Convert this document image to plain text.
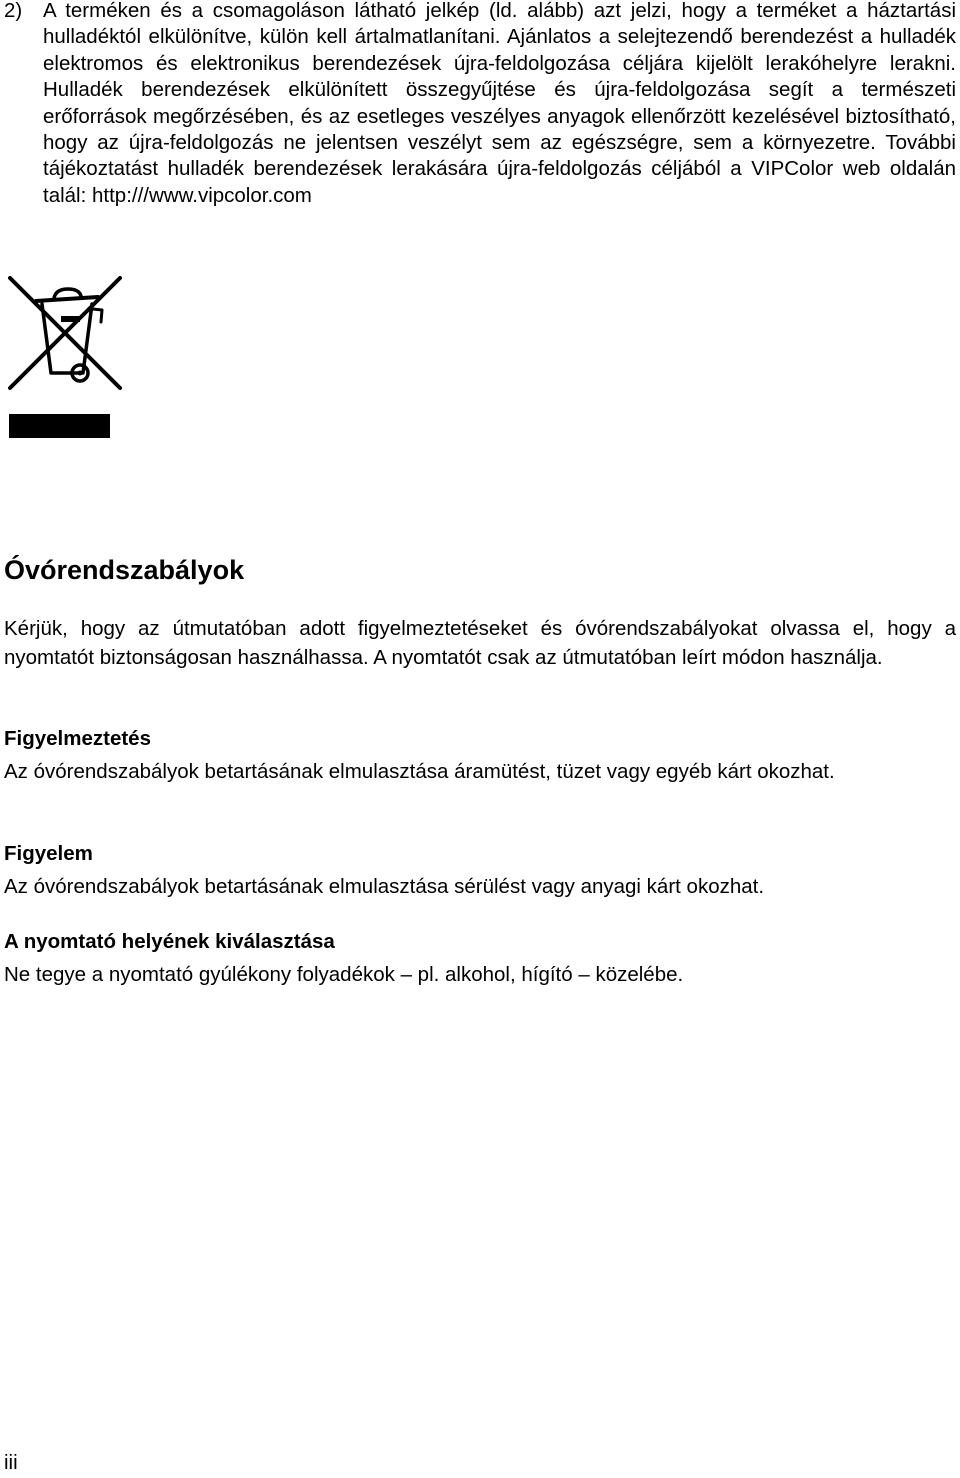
2) A terméken és a csomagoláson látható jelkép (ld. alább) azt jelzi, hogy a terméket a háztartási hulladéktól elkülönítve, külön kell ártalmatlanítani. Ajánlatos a selejtezendő berendezést a hulladék elektromos és elektronikus berendezések újra-feldolgozása céljára kijelölt lerakóhelyre lerakni. Hulladék berendezések elkülönített összegyűjtése és újra-feldolgozása segít a természeti erőforrások megőrzésében, és az esetleges veszélyes anyagok ellenőrzött kezelésével biztosítható, hogy az újra-feldolgozás ne jelentsen veszélyt sem az egészségre, sem a környezetre. További tájékoztatást hulladék berendezések lerakására újra-feldolgozás céljából a VIPColor web oldalán talál: http:///www.vipcolor.com

Óvórendszabályok

Kérjük, hogy az útmutatóban adott figyelmeztetéseket és óvórendszabályokat olvassa el, hogy a nyomtatót biztonságosan használhassa. A nyomtatót csak az útmutatóban leírt módon használja.

Figyelmeztetés

Az óvórendszabályok betartásának elmulasztása áramütést, tüzet vagy egyéb kárt okozhat.

Figyelem

Az óvórendszabályok betartásának elmulasztása sérülést vagy anyagi kárt okozhat.

A nyomtató helyének kiválasztása

Ne tegye a nyomtató gyúlékony folyadékok – pl. alkohol, hígító – közelébe.

iii
